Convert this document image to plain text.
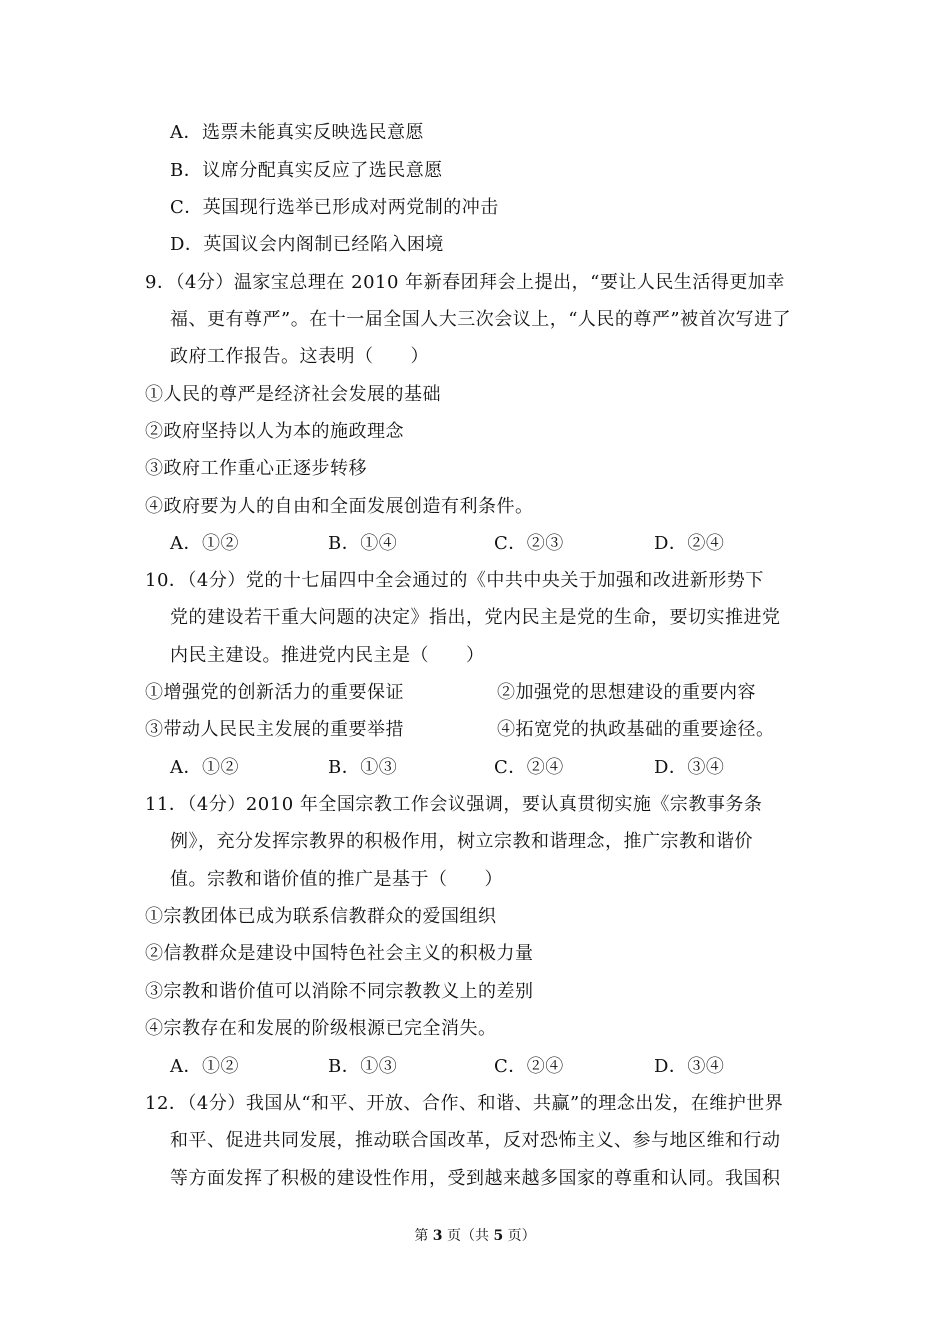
A．选票未能真实反映选民意愿
B．议席分配真实反应了选民意愿
C．英国现行选举已形成对两党制的冲击
D．英国议会内阁制已经陷入困境
9．（4分）温家宝总理在 2010 年新春团拜会上提出，“要让人民生活得更加幸
福、更有尊严”。在十一届全国人大三次会议上，“人民的尊严”被首次写进了
政府工作报告。这表明（　　）
①人民的尊严是经济社会发展的基础
②政府坚持以人为本的施政理念
③政府工作重心正逐步转移
④政府要为人的自由和全面发展创造有利条件。
A．①②	B．①④	C．②③	D．②④
10．（4分）党的十七届四中全会通过的《中共中央关于加强和改进新形势下
党的建设若干重大问题的决定》指出，党内民主是党的生命，要切实推进党
内民主建设。推进党内民主是（　　）
①增强党的创新活力的重要保证	②加强党的思想建设的重要内容
③带动人民民主发展的重要举措	④拓宽党的执政基础的重要途径。
A．①②	B．①③	C．②④	D．③④
11．（4分）2010 年全国宗教工作会议强调，要认真贯彻实施《宗教事务条
例》，充分发挥宗教界的积极作用，树立宗教和谐理念，推广宗教和谐价
值。宗教和谐价值的推广是基于（　　）
①宗教团体已成为联系信教群众的爱国组织
②信教群众是建设中国特色社会主义的积极力量
③宗教和谐价值可以消除不同宗教教义上的差别
④宗教存在和发展的阶级根源已完全消失。
A．①②	B．①③	C．②④	D．③④
12．（4分）我国从“和平、开放、合作、和谐、共赢”的理念出发，在维护世界
和平、促进共同发展，推动联合国改革，反对恐怖主义、参与地区维和行动
等方面发挥了积极的建设性作用，受到越来越多国家的尊重和认同。我国积
第 3 页（共 5 页）
